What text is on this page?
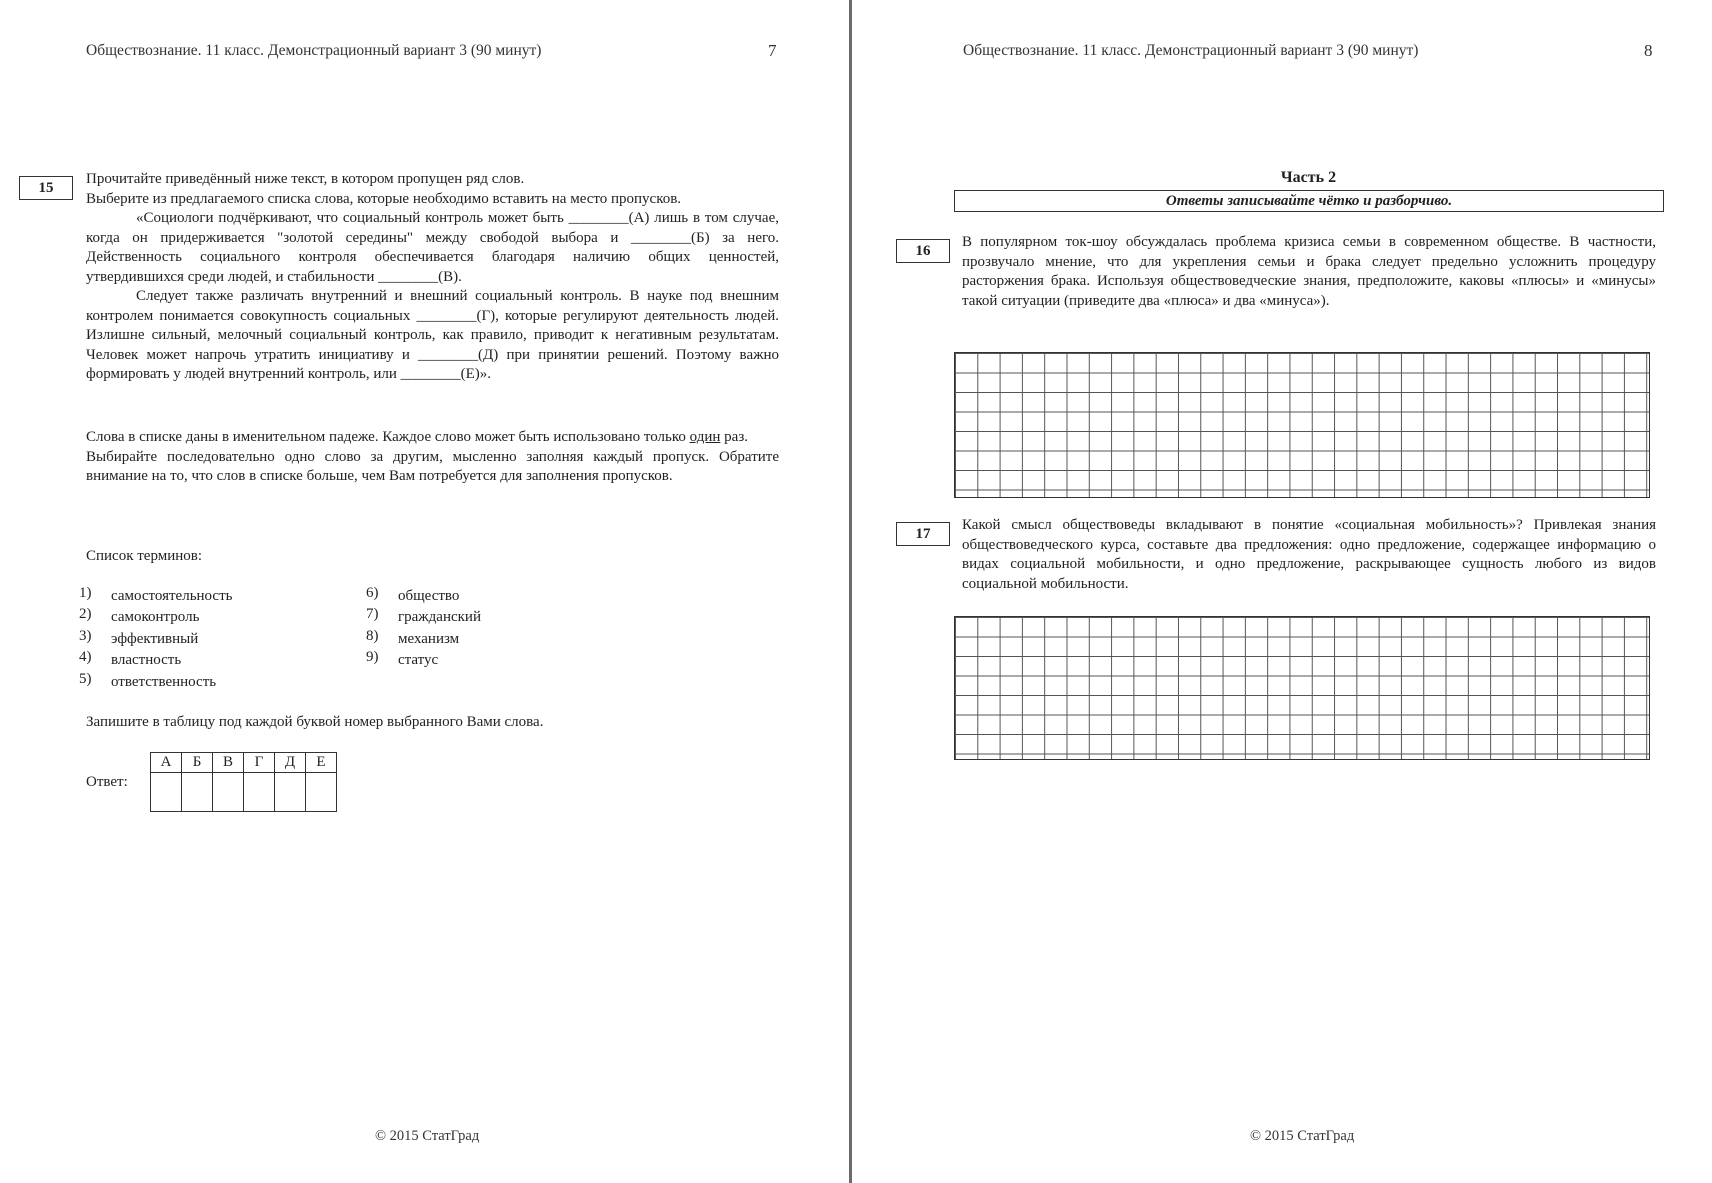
Обществознание. 11 класс. Демонстрационный вариант 3 (90 минут)	7
15

Прочитайте приведённый ниже текст, в котором пропущен ряд слов.

Выберите из предлагаемого списка слова, которые необходимо вставить на место пропусков.

«Социологи подчёркивают, что социальный контроль может быть ________(А) лишь в том случае, когда он придерживается "золотой середины" между свободой выбора и ________(Б) за него. Действенность социального контроля обеспечивается благодаря наличию общих ценностей, утвердившихся среди людей, и стабильности ________(В).

Следует также различать внутренний и внешний социальный контроль. В науке под внешним контролем понимается совокупность социальных ________(Г), которые регулируют деятельность людей. Излишне сильный, мелочный социальный контроль, как правило, приводит к негативным результатам. Человек может напрочь утратить инициативу и ________(Д) при принятии решений. Поэтому важно формировать у людей внутренний контроль, или ________(Е)».

Слова в списке даны в именительном падеже. Каждое слово может быть использовано только один раз.

Выбирайте последовательно одно слово за другим, мысленно заполняя каждый пропуск. Обратите внимание на то, что слов в списке больше, чем Вам потребуется для заполнения пропусков.

Список терминов:
1) самостоятельность
2) самоконтроль
3) эффективный
4) властность
5) ответственность
6) общество
7) гражданский
8) механизм
9) статус
Запишите в таблицу под каждой буквой номер выбранного Вами слова.
Ответ:
А	Б	В	Г	Д	Е

© 2015 СтатГрад
Обществознание. 11 класс. Демонстрационный вариант 3 (90 минут)	8
Часть 2
Ответы записывайте чётко и разборчиво.
16
В популярном ток-шоу обсуждалась проблема кризиса семьи в современном обществе. В частности, прозвучало мнение, что для укрепления семьи и брака следует предельно усложнить процедуру расторжения брака. Используя обществоведческие знания, предположите, каковы «плюсы» и «минусы» такой ситуации (приведите два «плюса» и два «минуса»).
17
Какой смысл обществоведы вкладывают в понятие «социальная мобильность»? Привлекая знания обществоведческого курса, составьте два предложения: одно предложение, содержащее информацию о видах социальной мобильности, и одно предложение, раскрывающее сущность любого из видов социальной мобильности.
© 2015 СтатГрад
